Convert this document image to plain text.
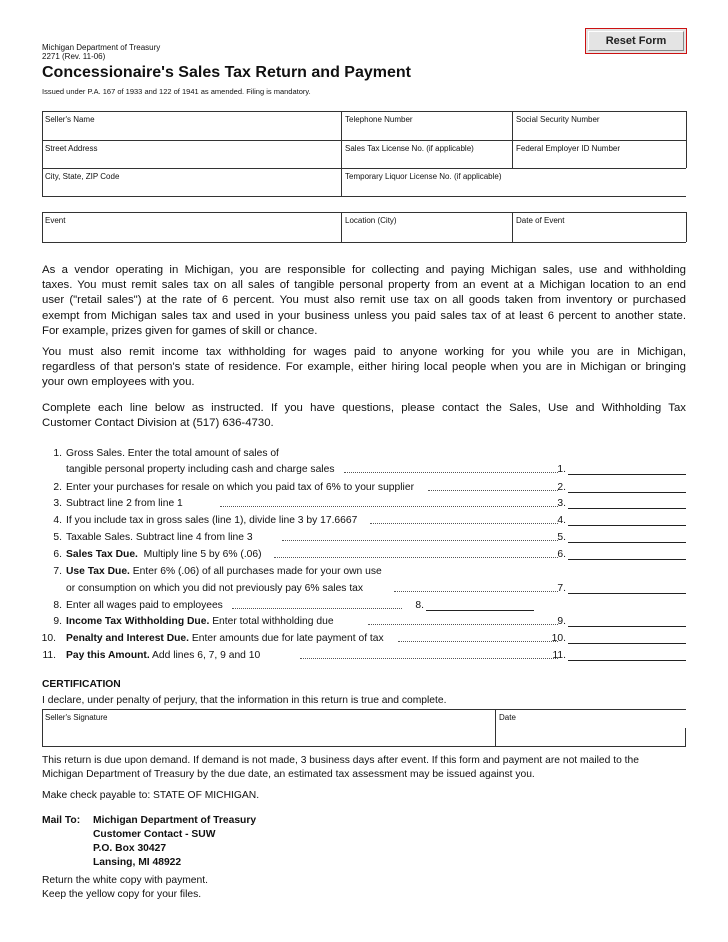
Reset Form
Michigan Department of Treasury
2271 (Rev. 11-06)
Concessionaire's Sales Tax Return and Payment
Issued under P.A. 167 of 1933 and 122 of 1941 as amended. Filing is mandatory.
Seller's Name	Telephone Number	Social Security Number
Street Address	Sales Tax License No. (if applicable)	Federal Employer ID Number
City, State, ZIP Code	Temporary Liquor License No. (if applicable)
Event	Location (City)	Date of Event
As a vendor operating in Michigan, you are responsible for collecting and paying Michigan sales, use and withholding
taxes. You must remit sales tax on all sales of tangible personal property from an event at a Michigan location to an end
user ("retail sales") at the rate of 6 percent. You must also remit use tax on all goods taken from inventory or purchased
exempt from Michigan sales tax and used in your business unless you paid sales tax of at least 6 percent to another state.
For example, prizes given for games of skill or chance.
You must also remit income tax withholding for wages paid to anyone working for you while you are in Michigan,
regardless of that person's state of residence. For example, either hiring local people when you are in Michigan or bringing
your own employees with you.
Complete each line below as instructed. If you have questions, please contact the Sales, Use and Withholding Tax
Customer Contact Division at (517) 636-4730.
1. Gross Sales. Enter the total amount of sales of
tangible personal property including cash and charge sales	1.
2. Enter your purchases for resale on which you paid tax of 6% to your supplier	2.
3. Subtract line 2 from line 1	3.
4. If you include tax in gross sales (line 1), divide line 3 by 17.6667	4.
5. Taxable Sales. Subtract line 4 from line 3	5.
6. Sales Tax Due. Multiply line 5 by 6% (.06)	6.
7. Use Tax Due. Enter 6% (.06) of all purchases made for your own use
or consumption on which you did not previously pay 6% sales tax	7.
8. Enter all wages paid to employees	8.
9. Income Tax Withholding Due. Enter total withholding due	9.
10. Penalty and Interest Due. Enter amounts due for late payment of tax	10.
11. Pay this Amount. Add lines 6, 7, 9 and 10	11.
CERTIFICATION
I declare, under penalty of perjury, that the information in this return is true and complete.
Seller's Signature	Date
This return is due upon demand. If demand is not made, 3 business days after event. If this form and payment are not mailed to the
Michigan Department of Treasury by the due date, an estimated tax assessment may be issued against you.
Make check payable to: STATE OF MICHIGAN.
Mail To: Michigan Department of Treasury
Customer Contact - SUW
P.O. Box 30427
Lansing, MI 48922
Return the white copy with payment.
Keep the yellow copy for your files.
